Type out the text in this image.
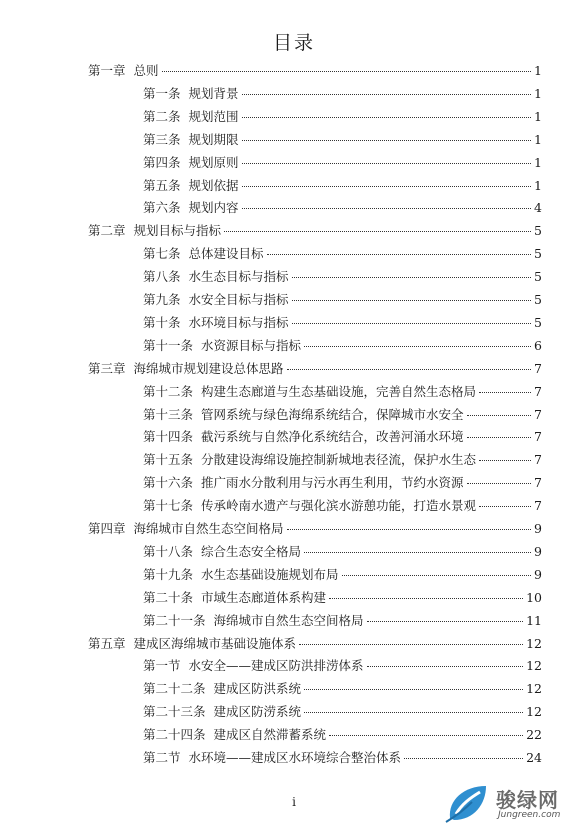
目录
第一章 总则	1
第一条 规划背景	1
第二条 规划范围	1
第三条 规划期限	1
第四条 规划原则	1
第五条 规划依据	1
第六条 规划内容	4
第二章 规划目标与指标	5
第七条 总体建设目标	5
第八条 水生态目标与指标	5
第九条 水安全目标与指标	5
第十条 水环境目标与指标	5
第十一条 水资源目标与指标	6
第三章 海绵城市规划建设总体思路	7
第十二条 构建生态廊道与生态基础设施，完善自然生态格局	7
第十三条 管网系统与绿色海绵系统结合，保障城市水安全	7
第十四条 截污系统与自然净化系统结合，改善河涌水环境	7
第十五条 分散建设海绵设施控制新城地表径流，保护水生态	7
第十六条 推广雨水分散利用与污水再生利用，节约水资源	7
第十七条 传承岭南水遗产与强化滨水游憩功能，打造水景观	7
第四章 海绵城市自然生态空间格局	9
第十八条 综合生态安全格局	9
第十九条 水生态基础设施规划布局	9
第二十条 市域生态廊道体系构建	10
第二十一条 海绵城市自然生态空间格局	11
第五章 建成区海绵城市基础设施体系	12
第一节 水安全——建成区防洪排涝体系	12
第二十二条 建成区防洪系统	12
第二十三条 建成区防涝系统	12
第二十四条 建成区自然滞蓄系统	22
第二节 水环境——建成区水环境综合整治体系	24
i	骏绿网
Jungreen.com
